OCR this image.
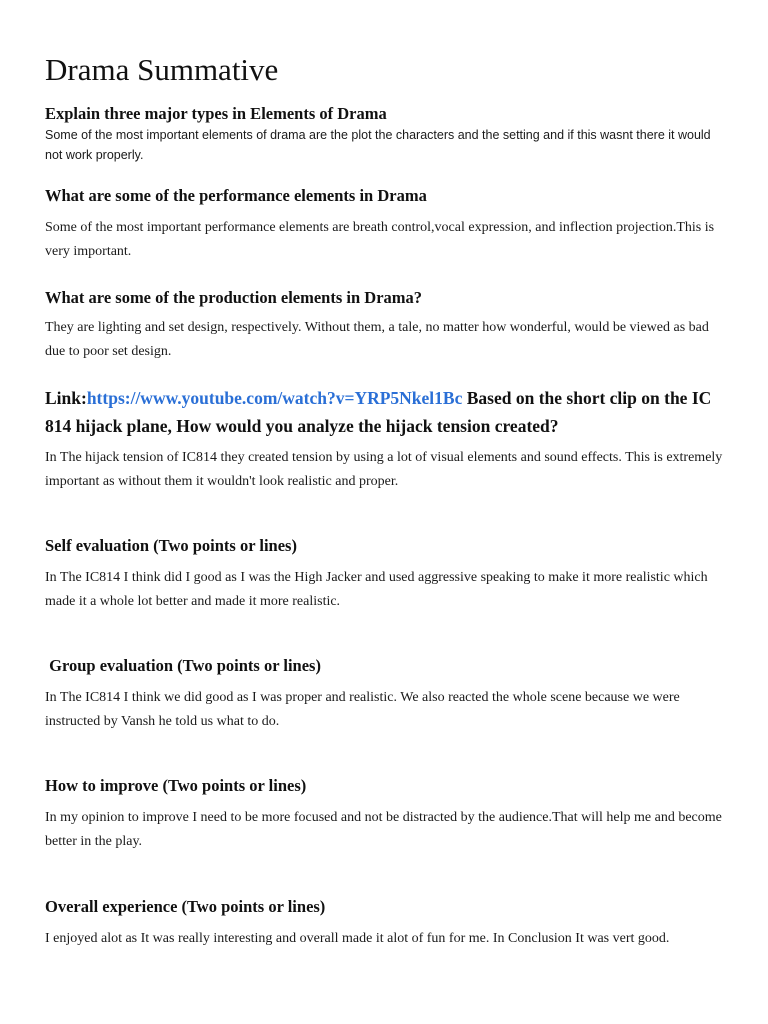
Drama Summative
Explain three major types in Elements of Drama

Some of the most important elements of drama are the plot the characters and the setting and if this wasnt there it would not work properly.

What are some of the performance elements in Drama

Some of the most important performance elements are breath control,vocal expression, and inflection projection.This is very important.

What are some of the production elements in Drama?

They are lighting and set design, respectively. Without them, a tale, no matter how wonderful, would be viewed as bad due to poor set design.

Link:https://www.youtube.com/watch?v=YRP5Nkel1Bc Based on the short clip on the IC 814 hijack plane, How would you analyze the hijack tension created?

In The hijack tension of IC814 they created tension by using a lot of visual elements and sound effects. This is extremely important as without them it wouldn't look realistic and proper.

Self evaluation (Two points or lines)

In The IC814 I think did I good as I was the High Jacker and used aggressive speaking to make it more realistic which made it a whole lot better and made it more realistic.

Group evaluation (Two points or lines)

In The IC814 I think we did good as I was proper and realistic. We also reacted the whole scene because we were instructed by Vansh he told us what to do.

How to improve (Two points or lines)

In my opinion to improve I need to be more focused and not be distracted by the audience.That will help me and become better in the play.

Overall experience (Two points or lines)

I enjoyed alot as It was really interesting and overall made it alot of fun for me. In Conclusion It was vert good.
